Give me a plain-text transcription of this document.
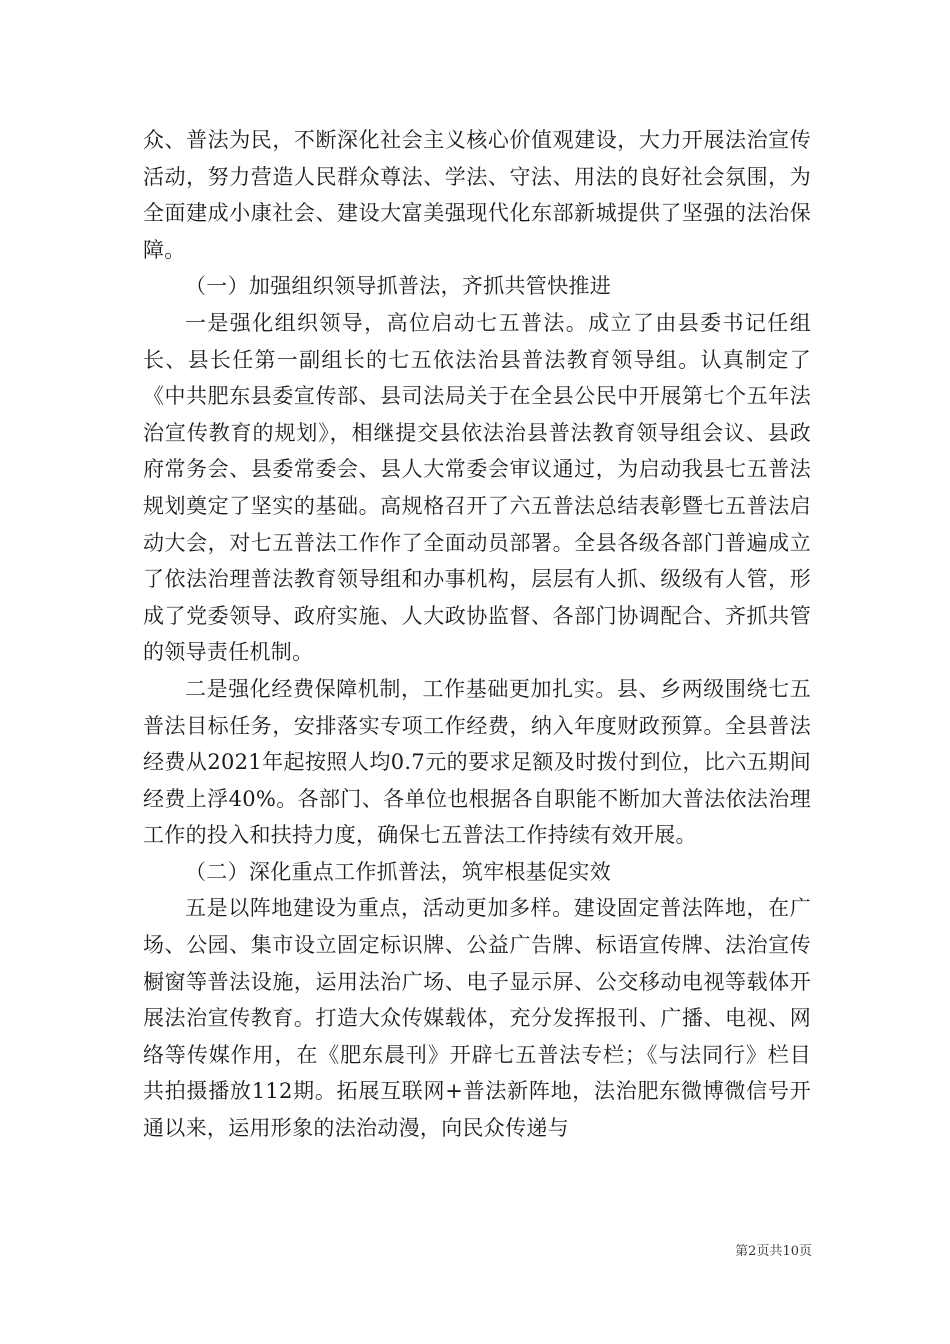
众、普法为民，不断深化社会主义核心价值观建设，大力开展法治宣传活动，努力营造人民群众尊法、学法、守法、用法的良好社会氛围，为全面建成小康社会、建设大富美强现代化东部新城提供了坚强的法治保障。

（一）加强组织领导抓普法，齐抓共管快推进

一是强化组织领导，高位启动七五普法。成立了由县委书记任组长、县长任第一副组长的七五依法治县普法教育领导组。认真制定了《中共肥东县委宣传部、县司法局关于在全县公民中开展第七个五年法治宣传教育的规划》，相继提交县依法治县普法教育领导组会议、县政府常务会、县委常委会、县人大常委会审议通过，为启动我县七五普法规划奠定了坚实的基础。高规格召开了六五普法总结表彰暨七五普法启动大会，对七五普法工作作了全面动员部署。全县各级各部门普遍成立了依法治理普法教育领导组和办事机构，层层有人抓、级级有人管，形成了党委领导、政府实施、人大政协监督、各部门协调配合、齐抓共管的领导责任机制。

二是强化经费保障机制，工作基础更加扎实。县、乡两级围绕七五普法目标任务，安排落实专项工作经费，纳入年度财政预算。全县普法经费从2021年起按照人均0.7元的要求足额及时拨付到位，比六五期间经费上浮40%。各部门、各单位也根据各自职能不断加大普法依法治理工作的投入和扶持力度，确保七五普法工作持续有效开展。

（二）深化重点工作抓普法，筑牢根基促实效

五是以阵地建设为重点，活动更加多样。建设固定普法阵地，在广场、公园、集市设立固定标识牌、公益广告牌、标语宣传牌、法治宣传橱窗等普法设施，运用法治广场、电子显示屏、公交移动电视等载体开展法治宣传教育。打造大众传媒载体，充分发挥报刊、广播、电视、网络等传媒作用，在《肥东晨刊》开辟七五普法专栏；《与法同行》栏目共拍摄播放112期。拓展互联网+普法新阵地，法治肥东微博微信号开通以来，运用形象的法治动漫，向民众传递与

第2页共10页
